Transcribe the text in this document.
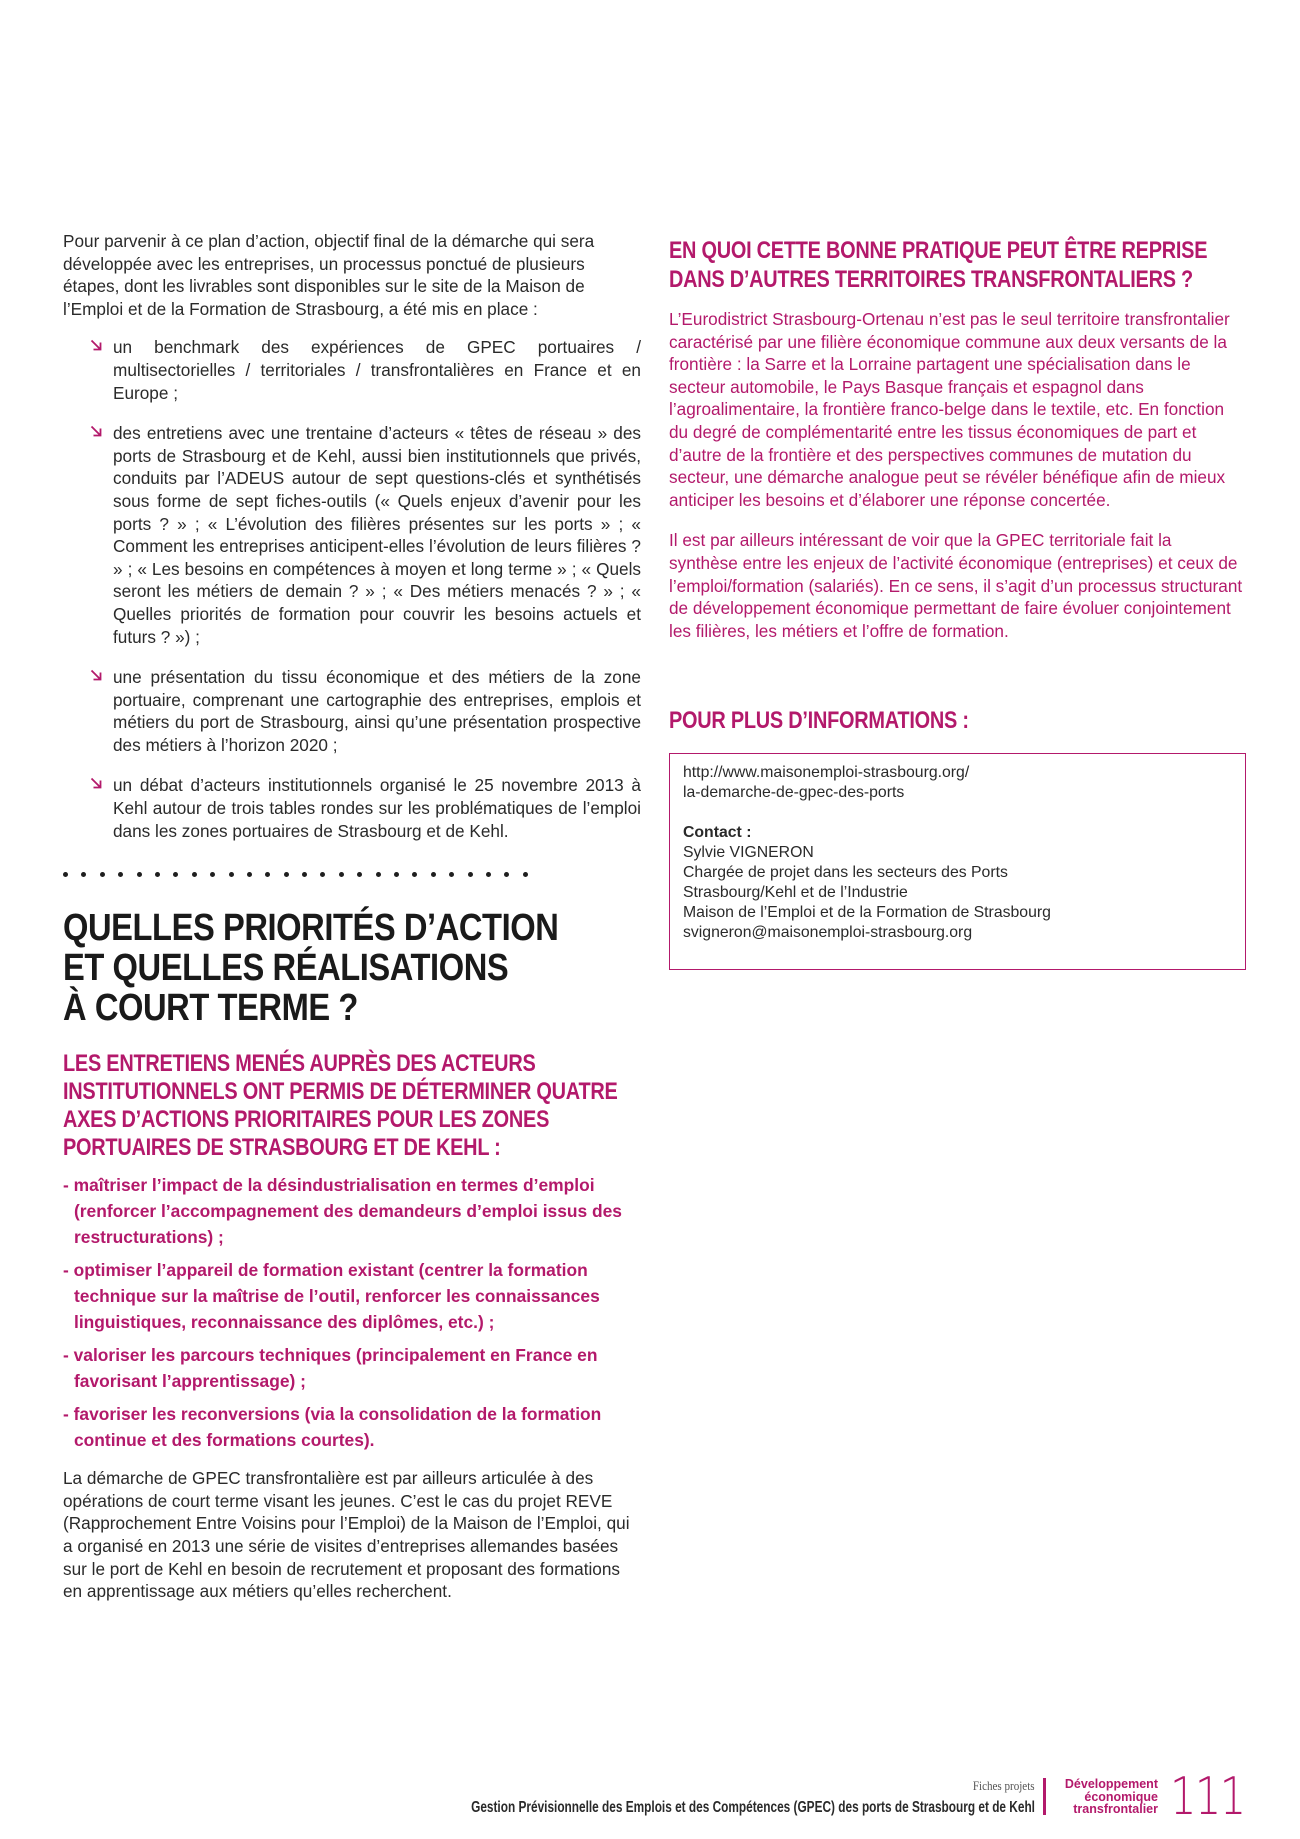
Pour parvenir à ce plan d’action, objectif final de la démarche qui sera développée avec les entreprises, un processus ponctué de plusieurs étapes, dont les livrables sont disponibles sur le site de la Maison de l’Emploi et de la Formation de Strasbourg, a été mis en place :

un benchmark des expériences de GPEC portuaires / multisectorielles / territoriales / transfrontalières en France et en Europe ;
des entretiens avec une trentaine d’acteurs « têtes de réseau » des ports de Strasbourg et de Kehl, aussi bien institutionnels que privés, conduits par l’ADEUS autour de sept questions-clés et synthétisés sous forme de sept fiches-outils (« Quels enjeux d’avenir pour les ports ? » ; « L’évolution des filières présentes sur les ports » ; « Comment les entreprises anticipent-elles l’évolution de leurs filières ? » ; « Les besoins en compétences à moyen et long terme » ; « Quels seront les métiers de demain ? » ; « Des métiers menacés ? » ; « Quelles priorités de formation pour couvrir les besoins actuels et futurs ? ») ;
une présentation du tissu économique et des métiers de la zone portuaire, comprenant une cartographie des entreprises, emplois et métiers du port de Strasbourg, ainsi qu’une présentation prospective des métiers à l’horizon 2020 ;
un débat d’acteurs institutionnels organisé le 25 novembre 2013 à Kehl autour de trois tables rondes sur les problématiques de l’emploi dans les zones portuaires de Strasbourg et de Kehl.
QUELLES PRIORITÉS D’ACTION
ET QUELLES RÉALISATIONS
À COURT TERME ?
LES ENTRETIENS MENÉS AUPRÈS DES ACTEURS INSTITUTIONNELS ONT PERMIS DE DÉTERMINER QUATRE AXES D’ACTIONS PRIORITAIRES POUR LES ZONES PORTUAIRES DE STRASBOURG ET DE KEHL :
- maîtriser l’impact de la désindustrialisation en termes d’emploi (renforcer l’accompagnement des demandeurs d’emploi issus des restructurations) ;
- optimiser l’appareil de formation existant (centrer la formation technique sur la maîtrise de l’outil, renforcer les connaissances linguistiques, reconnaissance des diplômes, etc.) ;
- valoriser les parcours techniques (principalement en France en favorisant l’apprentissage) ;
- favoriser les reconversions (via la consolidation de la formation continue et des formations courtes).

La démarche de GPEC transfrontalière est par ailleurs articulée à des opérations de court terme visant les jeunes. C’est le cas du projet REVE (Rapprochement Entre Voisins pour l’Emploi) de la Maison de l’Emploi, qui a organisé en 2013 une série de visites d’entreprises allemandes basées sur le port de Kehl en besoin de recrutement et proposant des formations en apprentissage aux métiers qu’elles recherchent.

EN QUOI CETTE BONNE PRATIQUE PEUT ÊTRE REPRISE
DANS D’AUTRES TERRITOIRES TRANSFRONTALIERS ?

L’Eurodistrict Strasbourg-Ortenau n’est pas le seul territoire transfrontalier caractérisé par une filière économique commune aux deux versants de la frontière : la Sarre et la Lorraine partagent une spécialisation dans le secteur automobile, le Pays Basque français et espagnol dans l’agroalimentaire, la frontière franco-belge dans le textile, etc. En fonction du degré de complémentarité entre les tissus économiques de part et d’autre de la frontière et des perspectives communes de mutation du secteur, une démarche analogue peut se révéler bénéfique afin de mieux anticiper les besoins et d’élaborer une réponse concertée.

Il est par ailleurs intéressant de voir que la GPEC territoriale fait la synthèse entre les enjeux de l’activité économique (entreprises) et ceux de l’emploi/formation (salariés). En ce sens, il s’agit d’un processus structurant de développement économique permettant de faire évoluer conjointement les filières, les métiers et l’offre de formation.

POUR PLUS D’INFORMATIONS :
http://www.maisonemploi-strasbourg.org/
la-demarche-de-gpec-des-ports
Contact :
Sylvie VIGNERON
Chargée de projet dans les secteurs des Ports
Strasbourg/Kehl et de l’Industrie
Maison de l’Emploi et de la Formation de Strasbourg
svigneron@maisonemploi-strasbourg.org
Fiches projets
Gestion Prévisionnelle des Emplois et des Compétences (GPEC) des ports de Strasbourg et de Kehl
Développement
économique
transfrontalier 111
